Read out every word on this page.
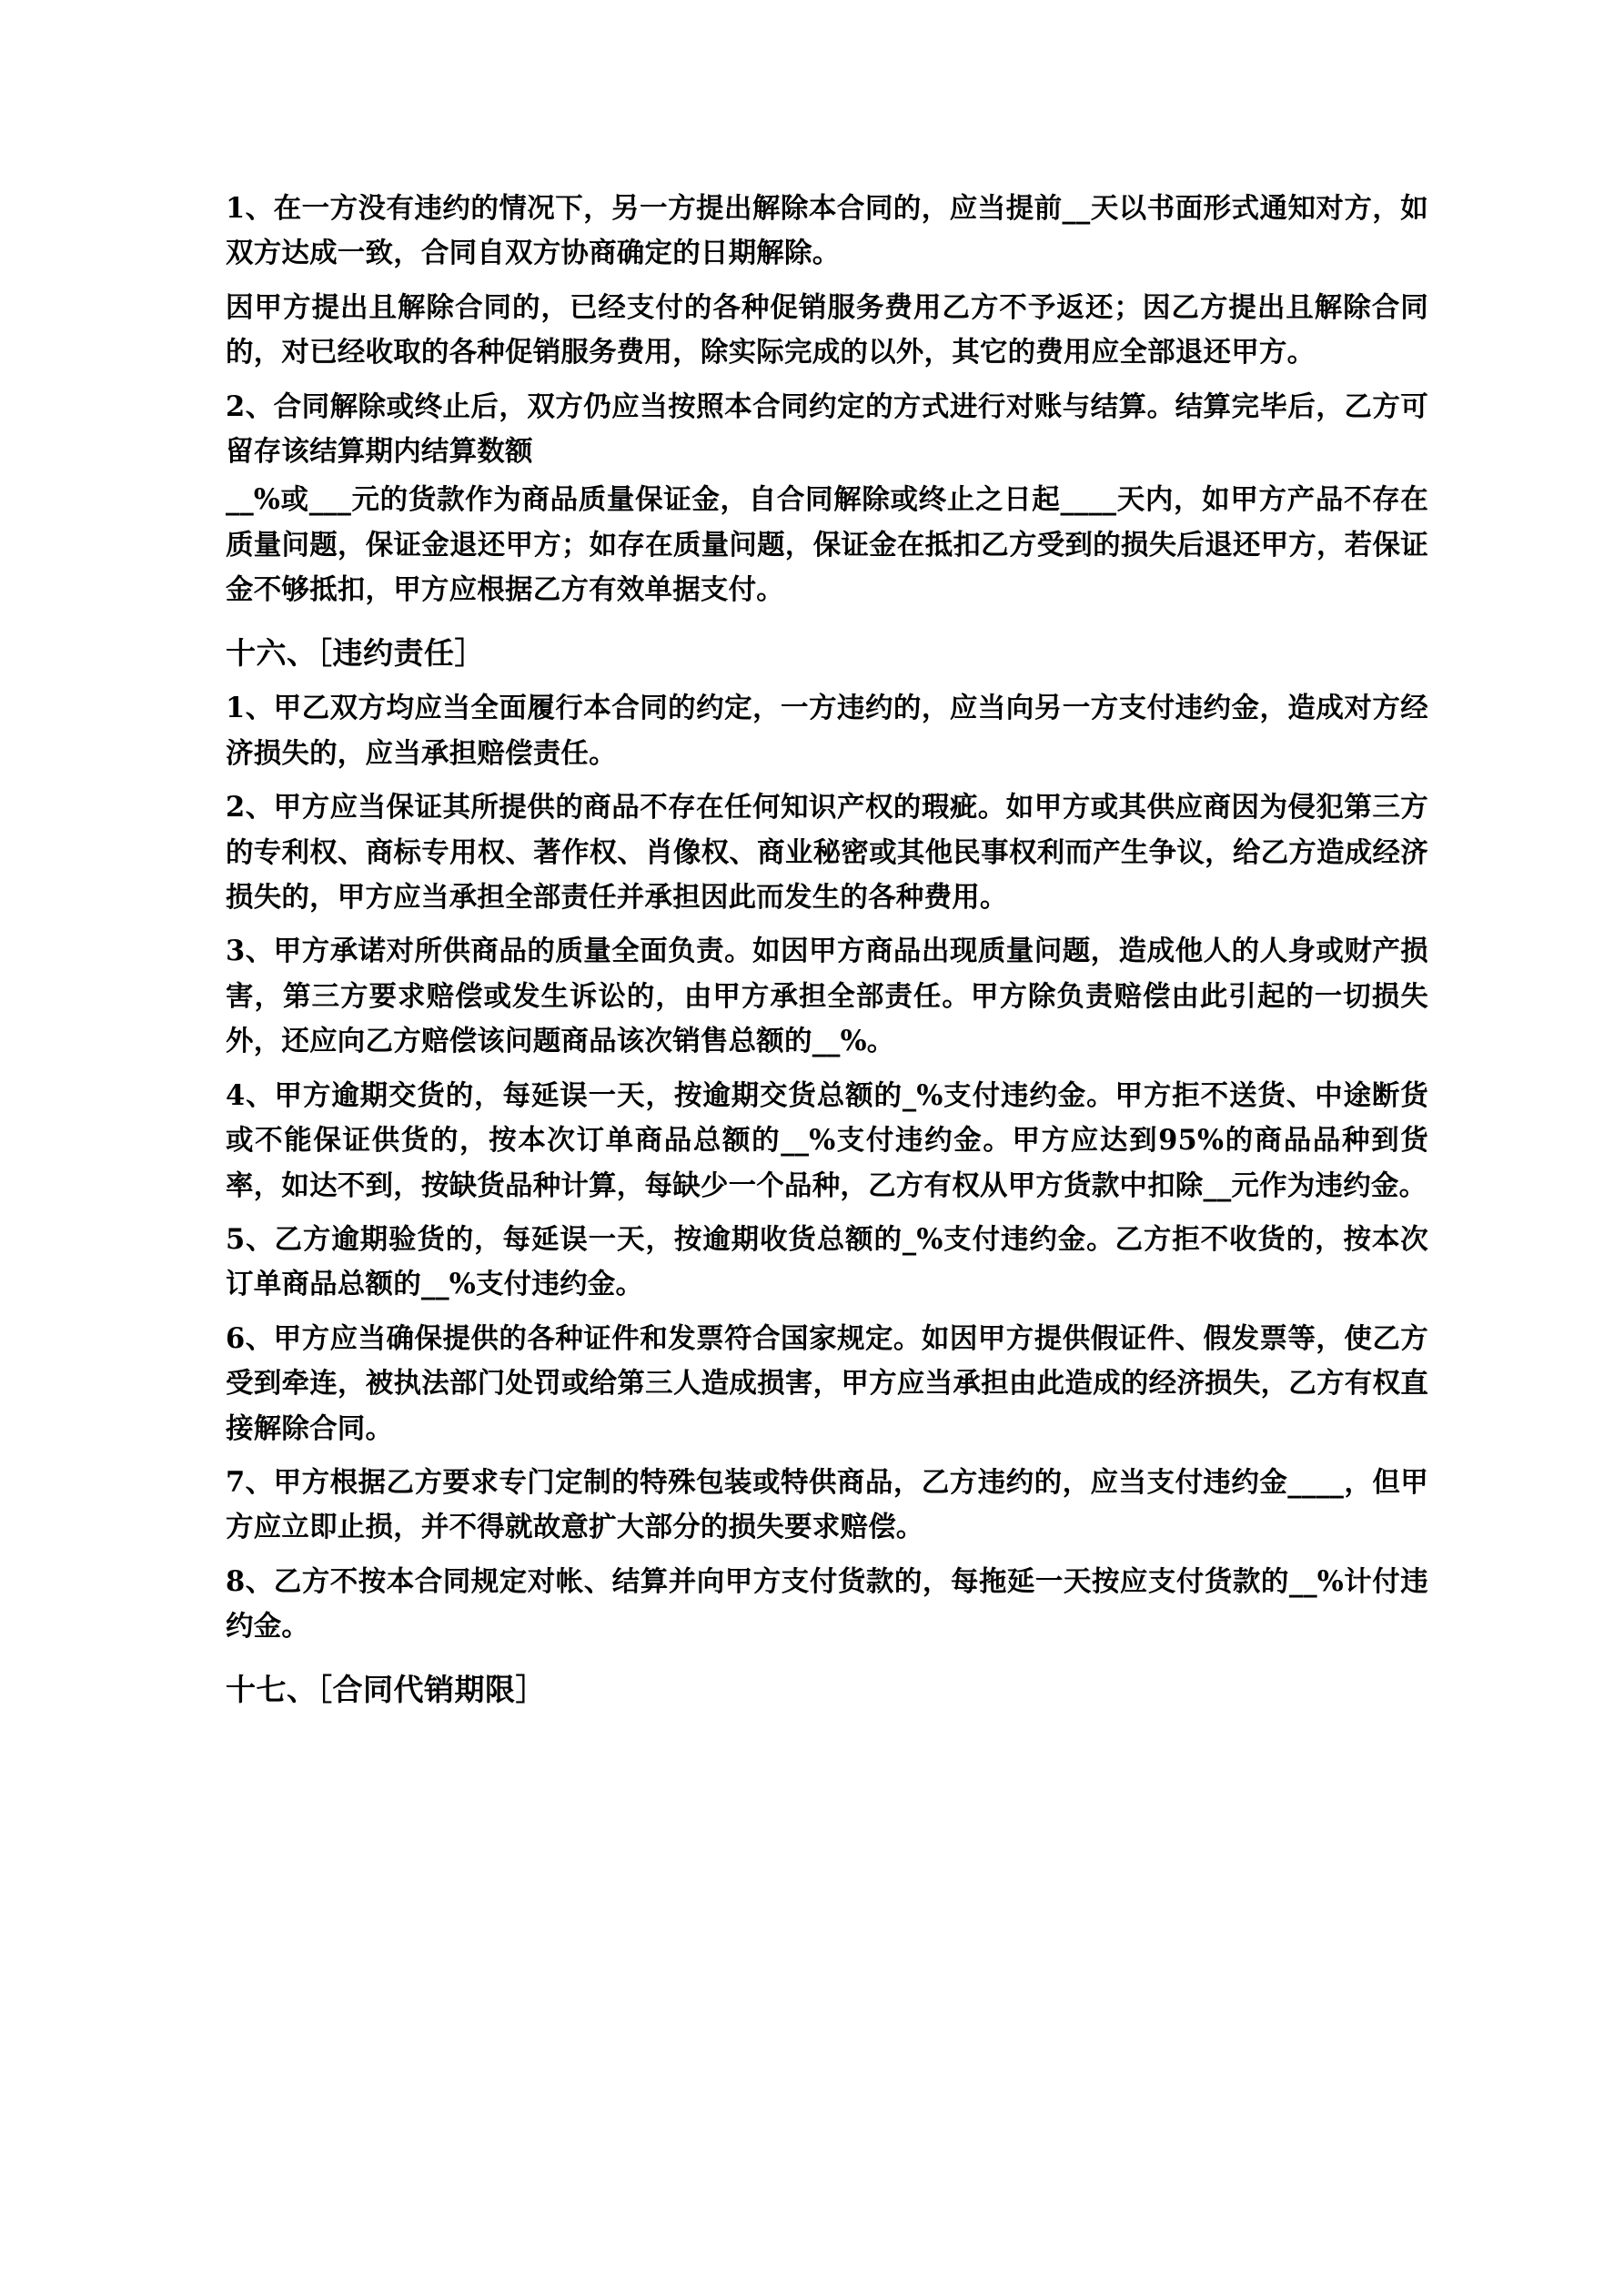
1、在一方没有违约的情况下，另一方提出解除本合同的，应当提前__天以书面形式通知对方，如双方达成一致，合同自双方协商确定的日期解除。

因甲方提出且解除合同的，已经支付的各种促销服务费用乙方不予返还；因乙方提出且解除合同的，对已经收取的各种促销服务费用，除实际完成的以外，其它的费用应全部退还甲方。

2、合同解除或终止后，双方仍应当按照本合同约定的方式进行对账与结算。结算完毕后，乙方可留存该结算期内结算数额

__%或___元的货款作为商品质量保证金，自合同解除或终止之日起____天内，如甲方产品不存在质量问题，保证金退还甲方；如存在质量问题，保证金在抵扣乙方受到的损失后退还甲方，若保证金不够抵扣，甲方应根据乙方有效单据支付。

十六、［违约责任］

1、甲乙双方均应当全面履行本合同的约定，一方违约的，应当向另一方支付违约金，造成对方经济损失的，应当承担赔偿责任。

2、甲方应当保证其所提供的商品不存在任何知识产权的瑕疵。如甲方或其供应商因为侵犯第三方的专利权、商标专用权、著作权、肖像权、商业秘密或其他民事权利而产生争议，给乙方造成经济损失的，甲方应当承担全部责任并承担因此而发生的各种费用。

3、甲方承诺对所供商品的质量全面负责。如因甲方商品出现质量问题，造成他人的人身或财产损害，第三方要求赔偿或发生诉讼的，由甲方承担全部责任。甲方除负责赔偿由此引起的一切损失外，还应向乙方赔偿该问题商品该次销售总额的__%。

4、甲方逾期交货的，每延误一天，按逾期交货总额的_%支付违约金。甲方拒不送货、中途断货或不能保证供货的，按本次订单商品总额的__%支付违约金。甲方应达到95%的商品品种到货率，如达不到，按缺货品种计算，每缺少一个品种，乙方有权从甲方货款中扣除__元作为违约金。

5、乙方逾期验货的，每延误一天，按逾期收货总额的_%支付违约金。乙方拒不收货的，按本次订单商品总额的__%支付违约金。

6、甲方应当确保提供的各种证件和发票符合国家规定。如因甲方提供假证件、假发票等，使乙方受到牵连，被执法部门处罚或给第三人造成损害，甲方应当承担由此造成的经济损失，乙方有权直接解除合同。

7、甲方根据乙方要求专门定制的特殊包装或特供商品，乙方违约的，应当支付违约金____，但甲方应立即止损，并不得就故意扩大部分的损失要求赔偿。

8、乙方不按本合同规定对帐、结算并向甲方支付货款的，每拖延一天按应支付货款的__%计付违约金。

十七、［合同代销期限］
